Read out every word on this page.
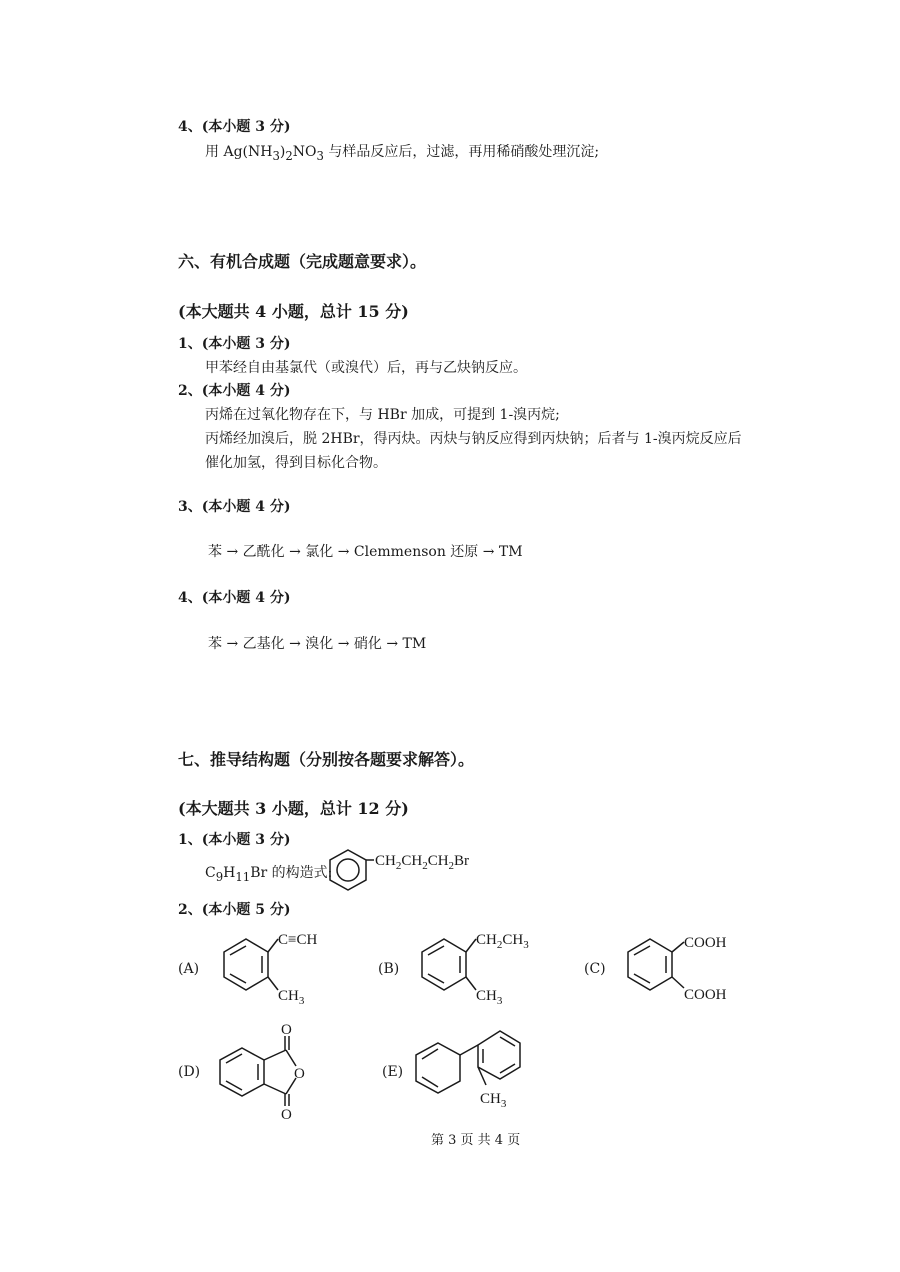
4、(本小题 3 分)
用 $Ag(NH_3)_2NO_3$ 与样品反应后，过滤，再用稀硝酸处理沉淀;
六、有机合成题（完成题意要求）。
(本大题共 4 小题，总计 15 分)
1、(本小题 3 分)
甲苯经自由基氯代（或溴代）后，再与乙炔钠反应。
2、(本小题 4 分)
丙烯在过氧化物存在下，与 HBr 加成，可提到 1-溴丙烷;
丙烯经加溴后，脱 2HBr，得丙炔。丙炔与钠反应得到丙炔钠；后者与 1-溴丙烷反应后
催化加氢，得到目标化合物。
3、(本小题 4 分)
苯 → 乙酰化 → 氯化 → Clemmenson 还原 → TM
4、(本小题 4 分)
苯 → 乙基化 → 溴化 → 硝化 → TM
七、推导结构题（分别按各题要求解答）。
(本大题共 3 小题，总计 12 分)
1、(本小题 3 分)
$C_9H_{11}Br$ 的构造式:
CH2CH2CH2Br
2、(本小题 5 分)
(A)
C≡CH
CH3
(B)
CH2CH3
CH3
(C)
COOH
COOH
(D)
O
O
O
(E)
CH3
第 3 页 共 4 页
